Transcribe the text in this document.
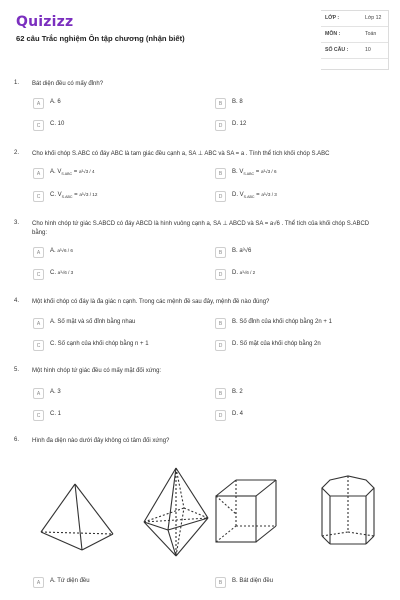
Quizizz
62 câu Trắc nghiệm Ôn tập chương (nhận biết)
LỚP :	Lớp 12
MÔN :	Toán
SỐ CÂU :	10
1. Bát diện đều có mấy đỉnh?
A	A. 6	B	B. 8
C	C. 10	D	D. 12
2. Cho khối chóp S.ABC có đáy ABC là tam giác đều cạnh a, SA ⊥ ABC và SA = a . Tính thể tích khối chóp S.ABC
A	A. $V_{S.ABC} = a^3√3 / 4$	B	B. $V_{S.ABC} = a^3√3 / 6$
C	C. $V_{S.ABC} = a^3√3 / 12$	D	D. $V_{S.ABC} = a^3√3 / 3$
3. Cho hình chóp tứ giác S.ABCD có đáy ABCD là hình vuông cạnh a, SA ⊥ ABCD và SA = a√6 . Thể tích của khối chóp S.ABCD bằng:
A	A. a³√6 / 6	B	B. a³√6
C	C. a³√6 / 3	D	D. a³√6 / 2
4. Một khối chóp có đáy là đa giác n cạnh. Trong các mệnh đề sau đây, mệnh đề nào đúng?
A	A. Số mặt và số đỉnh bằng nhau	B	B. Số đỉnh của khối chóp bằng 2n + 1
C	C. Số cạnh của khối chóp bằng n + 1	D	D. Số mặt của khối chóp bằng 2n
5. Một hình chóp tứ giác đều có mấy mặt đối xứng:
A	A. 3	B	B. 2
C	C. 1	D	D. 4
6. Hình đa diện nào dưới đây không có tâm đối xứng?
A	A. Tứ diện đều	B	B. Bát diện đều
